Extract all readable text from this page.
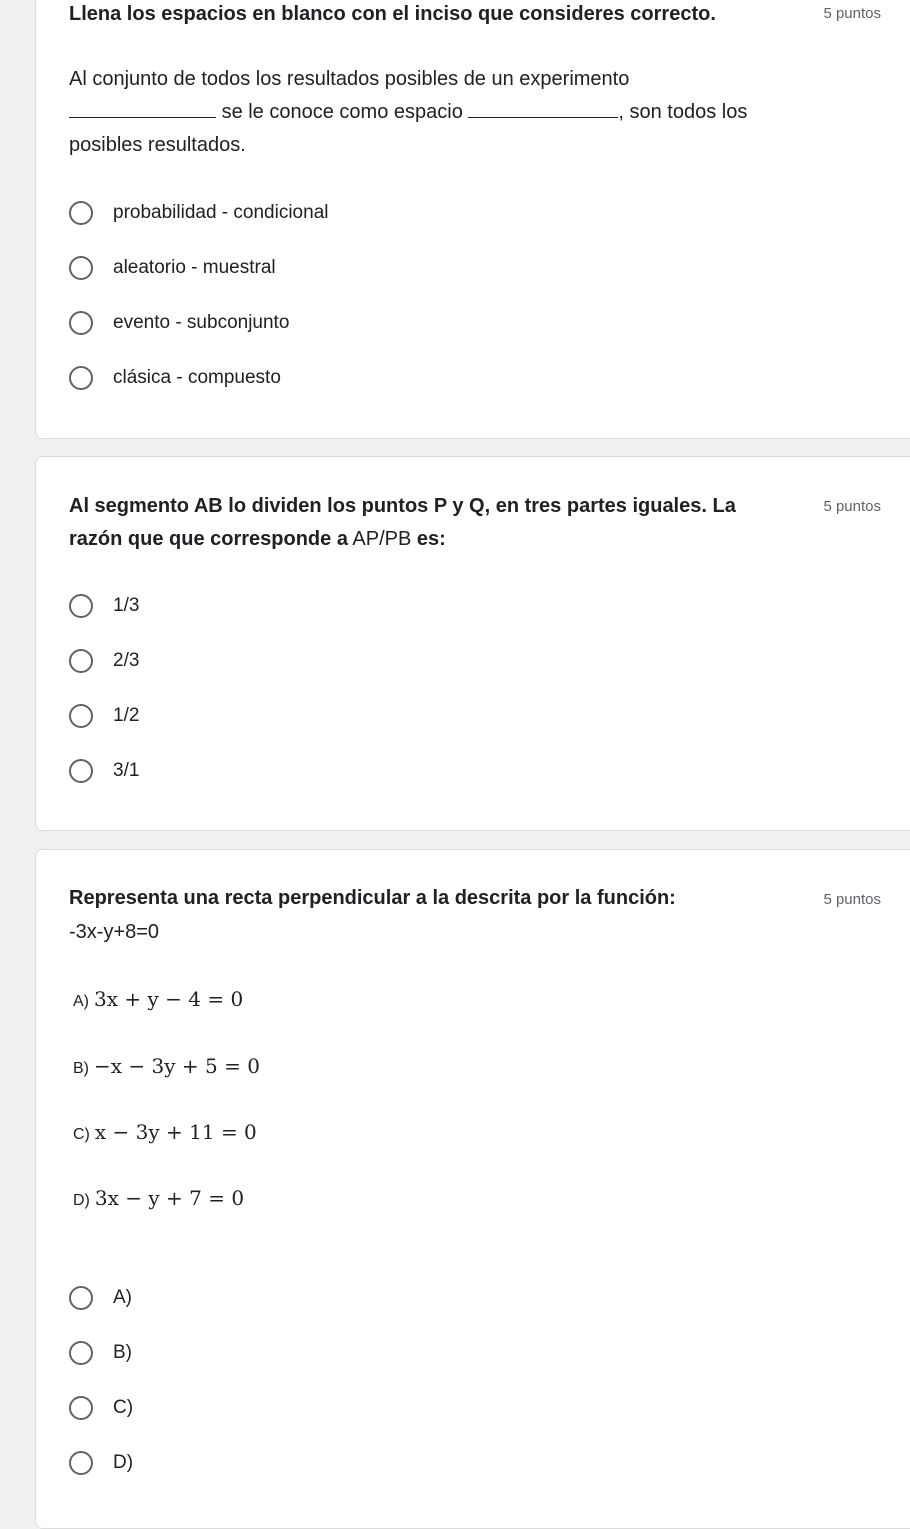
Llena los espacios en blanco con el inciso que consideres correcto.	5 puntos
Al conjunto de todos los resultados posibles de un experimento
se le conoce como espacio	, son todos los
posibles resultados.
probabilidad - condicional
aleatorio - muestral
evento - subconjunto
clásica - compuesto
Al segmento AB lo dividen los puntos P y Q, en tres partes iguales. La razón que que corresponde a AP/PB es:
5 puntos
1/3
2/3
1/2
3/1
Representa una recta perpendicular a la descrita por la función:	5 puntos
-3x-y+8=0
A) 3x + y − 4 = 0
B) −x − 3y + 5 = 0
C) x − 3y + 11 = 0
D) 3x − y + 7 = 0
A)
B)
C)
D)
